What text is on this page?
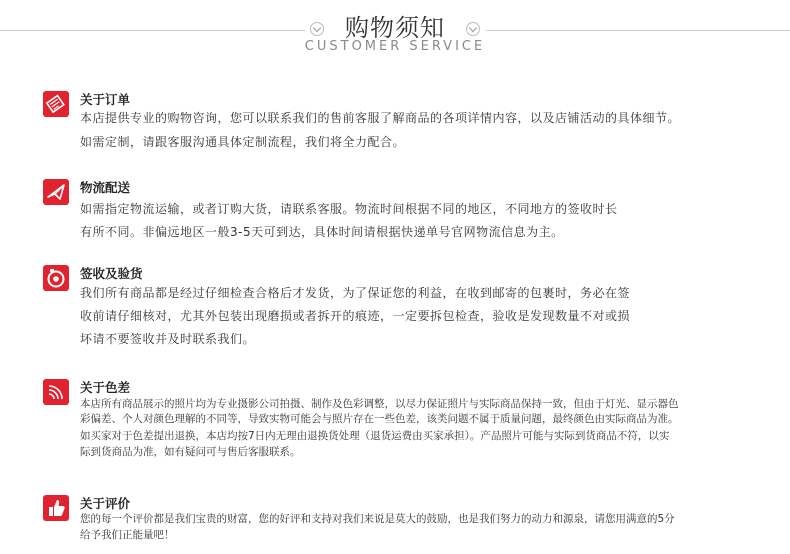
购物须知
CUSTOMER SERVICE
关于订单
本店提供专业的购物咨询，您可以联系我们的售前客服了解商品的各项详情内容，以及店铺活动的具体细节。
如需定制，请跟客服沟通具体定制流程，我们将全力配合。
物流配送
如需指定物流运输，或者订购大货，请联系客服。物流时间根据不同的地区，不同地方的签收时长
有所不同。非偏远地区一般3-5天可到达，具体时间请根据快递单号官网物流信息为主。
签收及验货
我们所有商品都是经过仔细检查合格后才发货，为了保证您的利益，在收到邮寄的包裹时，务必在签
收前请仔细核对，尤其外包装出现磨损或者拆开的痕迹，一定要拆包检查，验收是发现数量不对或损
坏请不要签收并及时联系我们。
关于色差
本店所有商品展示的照片均为专业摄影公司拍摄、制作及色彩调整，以尽力保证照片与实际商品保持一致，但由于灯光、显示器色
彩偏差、个人对颜色理解的不同等，导致实物可能会与照片存在一些色差，该类问题不属于质量问题，最终颜色由实际商品为准。
如买家对于色差提出退换，本店均按7日内无理由退换货处理（退货运费由买家承担）。产品照片可能与实际到货商品不符，以实
际到货商品为准，如有疑问可与售后客服联系。
关于评价
您的每一个评价都是我们宝贵的财富，您的好评和支持对我们来说是莫大的鼓励，也是我们努力的动力和源泉，请您用满意的5分
给予我们正能量吧！
